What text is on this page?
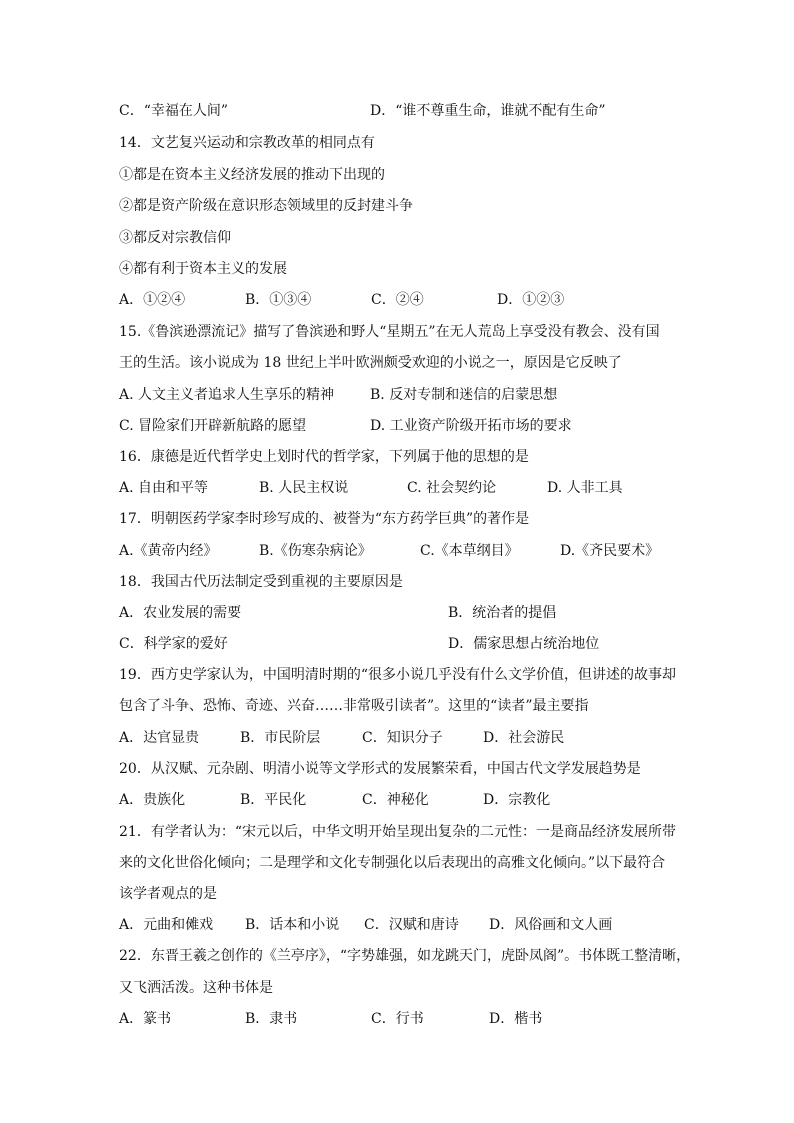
C．“幸福在人间”	D．“谁不尊重生命，谁就不配有生命”
14．文艺复兴运动和宗教改革的相同点有
①都是在资本主义经济发展的推动下出现的
②都是资产阶级在意识形态领域里的反封建斗争
③都反对宗教信仰
④都有利于资本主义的发展
A．①②④	B．①③④	C．②④	D．①②③
15.《鲁滨逊漂流记》描写了鲁滨逊和野人“星期五”在无人荒岛上享受没有教会、没有国
王的生活。该小说成为 18 世纪上半叶欧洲颇受欢迎的小说之一，原因是它反映了
A. 人文主义者追求人生享乐的精神	B. 反对专制和迷信的启蒙思想
C. 冒险家们开辟新航路的愿望	D. 工业资产阶级开拓市场的要求
16．康德是近代哲学史上划时代的哲学家，下列属于他的思想的是
A. 自由和平等	B. 人民主权说	C. 社会契约论	D. 人非工具
17．明朝医药学家李时珍写成的、被誉为“东方药学巨典”的著作是
A.《黄帝内经》	B.《伤寒杂病论》	C.《本草纲目》	D.《齐民要术》
18．我国古代历法制定受到重视的主要原因是
A．农业发展的需要	B．统治者的提倡
C．科学家的爱好	D．儒家思想占统治地位
19．西方史学家认为，中国明清时期的“很多小说几乎没有什么文学价值，但讲述的故事却
包含了斗争、恐怖、奇迹、兴奋……非常吸引读者”。这里的“读者”最主要指
A．达官显贵	B．市民阶层	C．知识分子	D．社会游民
20．从汉赋、元杂剧、明清小说等文学形式的发展繁荣看，中国古代文学发展趋势是
A．贵族化	B．平民化	C．神秘化	D．宗教化
21．有学者认为：“宋元以后，中华文明开始呈现出复杂的二元性：一是商品经济发展所带
来的文化世俗化倾向；二是理学和文化专制强化以后表现出的高雅文化倾向。”以下最符合
该学者观点的是
A．元曲和傩戏 B．话本和小说 C．汉赋和唐诗 D．风俗画和文人画
22．东晋王羲之创作的《兰亭序》，“字势雄强，如龙跳天门，虎卧凤阁”。书体既工整清晰，
又飞洒活泼。这种书体是
A．篆书	B．隶书	C．行书	D．楷书
